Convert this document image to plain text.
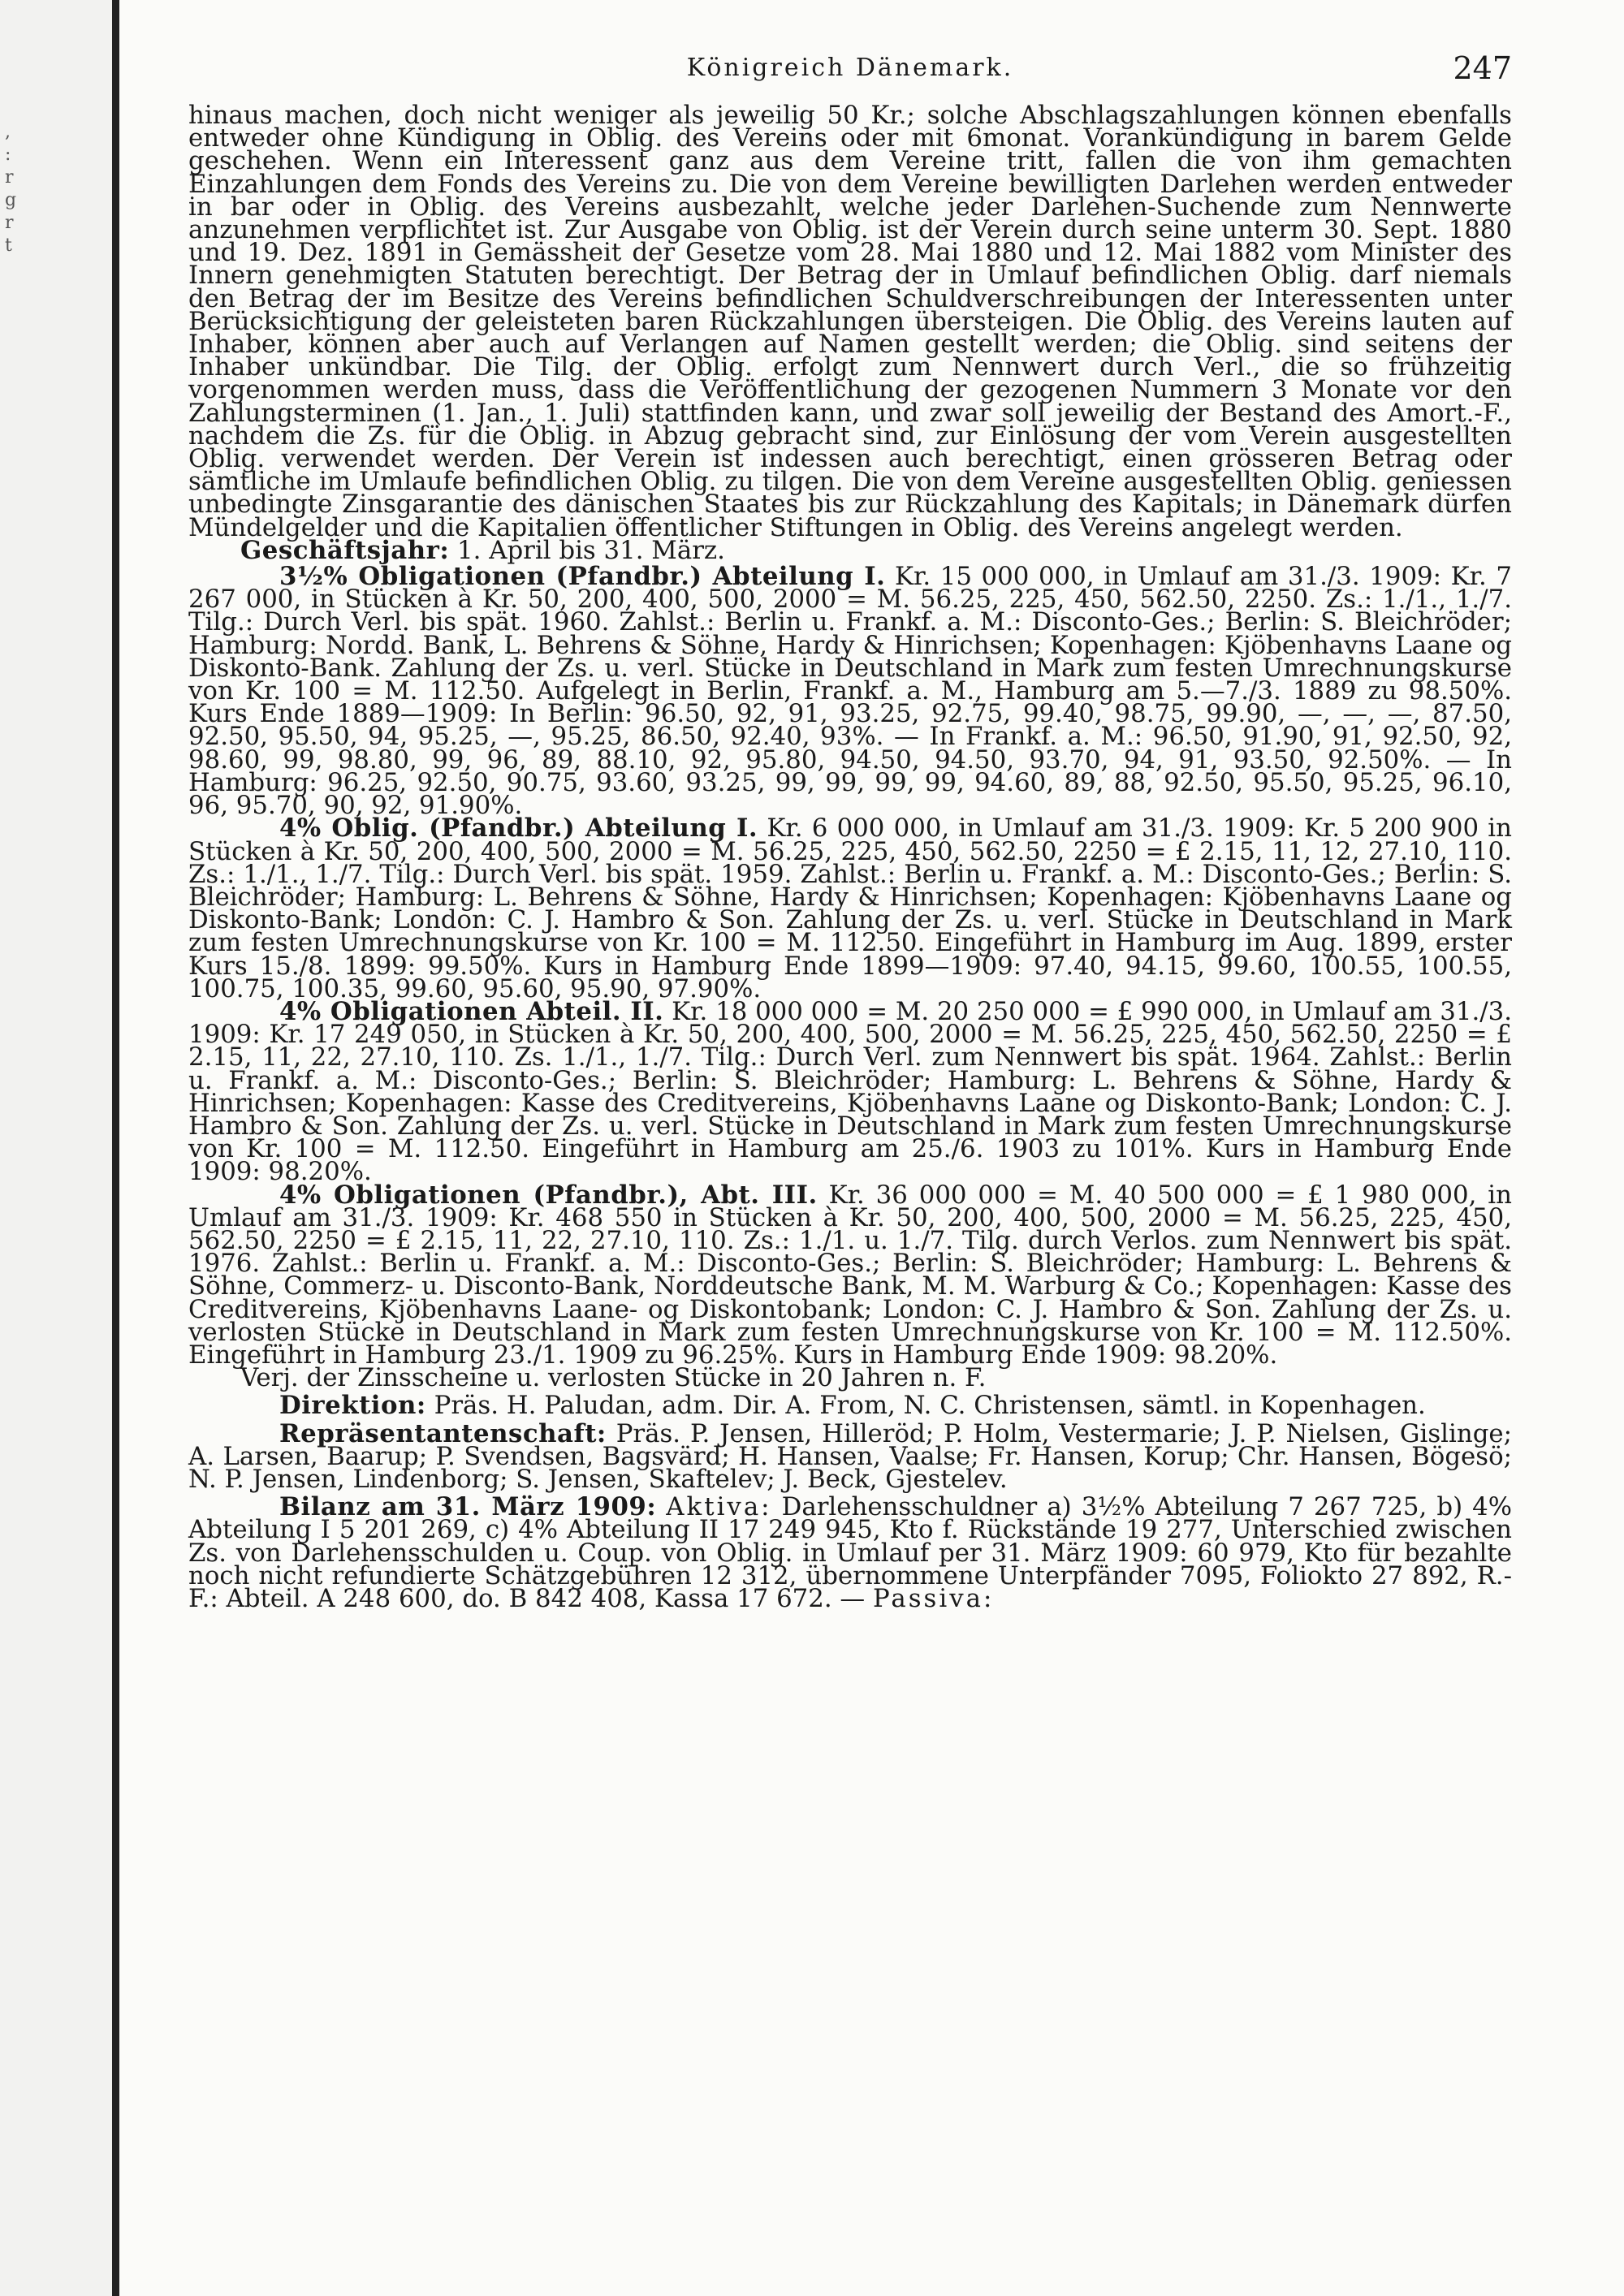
,
:
r
g
r
t
Königreich Dänemark.	247

hinaus machen, doch nicht weniger als jeweilig 50 Kr.; solche Abschlagszahlungen können ebenfalls entweder ohne Kündigung in Oblig. des Vereins oder mit 6monat. Vorankündigung in barem Gelde geschehen. Wenn ein Interessent ganz aus dem Vereine tritt, fallen die von ihm gemachten Einzahlungen dem Fonds des Vereins zu. Die von dem Vereine bewilligten Darlehen werden entweder in bar oder in Oblig. des Vereins ausbezahlt, welche jeder Darlehen-Suchende zum Nennwerte anzunehmen verpflichtet ist. Zur Ausgabe von Oblig. ist der Verein durch seine unterm 30. Sept. 1880 und 19. Dez. 1891 in Gemässheit der Gesetze vom 28. Mai 1880 und 12. Mai 1882 vom Minister des Innern genehmigten Statuten berechtigt. Der Betrag der in Umlauf befindlichen Oblig. darf niemals den Betrag der im Besitze des Vereins befindlichen Schuldverschreibungen der Interessenten unter Berücksichtigung der geleisteten baren Rückzahlungen übersteigen. Die Oblig. des Vereins lauten auf Inhaber, können aber auch auf Verlangen auf Namen gestellt werden; die Oblig. sind seitens der Inhaber unkündbar. Die Tilg. der Oblig. erfolgt zum Nennwert durch Verl., die so frühzeitig vorgenommen werden muss, dass die Veröffentlichung der gezogenen Nummern 3 Monate vor den Zahlungsterminen (1. Jan., 1. Juli) stattfinden kann, und zwar soll jeweilig der Bestand des Amort.-F., nachdem die Zs. für die Oblig. in Abzug gebracht sind, zur Einlösung der vom Verein ausgestellten Oblig. verwendet werden. Der Verein ist indessen auch berechtigt, einen grösseren Betrag oder sämtliche im Umlaufe befindlichen Oblig. zu tilgen. Die von dem Vereine ausgestellten Oblig. geniessen unbedingte Zinsgarantie des dänischen Staates bis zur Rückzahlung des Kapitals; in Dänemark dürfen Mündelgelder und die Kapitalien öffentlicher Stiftungen in Oblig. des Vereins angelegt werden.

Geschäftsjahr: 1. April bis 31. März.

3½% Obligationen (Pfandbr.) Abteilung I. Kr. 15 000 000, in Umlauf am 31./3. 1909: Kr. 7 267 000, in Stücken à Kr. 50, 200, 400, 500, 2000 = M. 56.25, 225, 450, 562.50, 2250. Zs.: 1./1., 1./7. Tilg.: Durch Verl. bis spät. 1960. Zahlst.: Berlin u. Frankf. a. M.: Disconto-Ges.; Berlin: S. Bleichröder; Hamburg: Nordd. Bank, L. Behrens & Söhne, Hardy & Hinrichsen; Kopenhagen: Kjöbenhavns Laane og Diskonto-Bank. Zahlung der Zs. u. verl. Stücke in Deutschland in Mark zum festen Umrechnungskurse von Kr. 100 = M. 112.50. Aufgelegt in Berlin, Frankf. a. M., Hamburg am 5.—7./3. 1889 zu 98.50%. Kurs Ende 1889—1909: In Berlin: 96.50, 92, 91, 93.25, 92.75, 99.40, 98.75, 99.90, —, —, —, 87.50, 92.50, 95.50, 94, 95.25, —, 95.25, 86.50, 92.40, 93%. — In Frankf. a. M.: 96.50, 91.90, 91, 92.50, 92, 98.60, 99, 98.80, 99, 96, 89, 88.10, 92, 95.80, 94.50, 94.50, 93.70, 94, 91, 93.50, 92.50%. — In Hamburg: 96.25, 92.50, 90.75, 93.60, 93.25, 99, 99, 99, 99, 94.60, 89, 88, 92.50, 95.50, 95.25, 96.10, 96, 95.70, 90, 92, 91.90%.

4% Oblig. (Pfandbr.) Abteilung I. Kr. 6 000 000, in Umlauf am 31./3. 1909: Kr. 5 200 900 in Stücken à Kr. 50, 200, 400, 500, 2000 = M. 56.25, 225, 450, 562.50, 2250 = £ 2.15, 11, 12, 27.10, 110. Zs.: 1./1., 1./7. Tilg.: Durch Verl. bis spät. 1959. Zahlst.: Berlin u. Frankf. a. M.: Disconto-Ges.; Berlin: S. Bleichröder; Hamburg: L. Behrens & Söhne, Hardy & Hinrichsen; Kopenhagen: Kjöbenhavns Laane og Diskonto-Bank; London: C. J. Hambro & Son. Zahlung der Zs. u. verl. Stücke in Deutschland in Mark zum festen Umrechnungskurse von Kr. 100 = M. 112.50. Eingeführt in Hamburg im Aug. 1899, erster Kurs 15./8. 1899: 99.50%. Kurs in Hamburg Ende 1899—1909: 97.40, 94.15, 99.60, 100.55, 100.55, 100.75, 100.35, 99.60, 95.60, 95.90, 97.90%.

4% Obligationen Abteil. II. Kr. 18 000 000 = M. 20 250 000 = £ 990 000, in Umlauf am 31./3. 1909: Kr. 17 249 050, in Stücken à Kr. 50, 200, 400, 500, 2000 = M. 56.25, 225, 450, 562.50, 2250 = £ 2.15, 11, 22, 27.10, 110. Zs. 1./1., 1./7. Tilg.: Durch Verl. zum Nennwert bis spät. 1964. Zahlst.: Berlin u. Frankf. a. M.: Disconto-Ges.; Berlin: S. Bleichröder; Hamburg: L. Behrens & Söhne, Hardy & Hinrichsen; Kopenhagen: Kasse des Creditvereins, Kjöbenhavns Laane og Diskonto-Bank; London: C. J. Hambro & Son. Zahlung der Zs. u. verl. Stücke in Deutschland in Mark zum festen Umrechnungskurse von Kr. 100 = M. 112.50. Eingeführt in Hamburg am 25./6. 1903 zu 101%. Kurs in Hamburg Ende 1909: 98.20%.

4% Obligationen (Pfandbr.), Abt. III. Kr. 36 000 000 = M. 40 500 000 = £ 1 980 000, in Umlauf am 31./3. 1909: Kr. 468 550 in Stücken à Kr. 50, 200, 400, 500, 2000 = M. 56.25, 225, 450, 562.50, 2250 = £ 2.15, 11, 22, 27.10, 110. Zs.: 1./1. u. 1./7. Tilg. durch Verlos. zum Nennwert bis spät. 1976. Zahlst.: Berlin u. Frankf. a. M.: Disconto-Ges.; Berlin: S. Bleichröder; Hamburg: L. Behrens & Söhne, Commerz- u. Disconto-Bank, Norddeutsche Bank, M. M. Warburg & Co.; Kopenhagen: Kasse des Creditvereins, Kjöbenhavns Laane- og Diskontobank; London: C. J. Hambro & Son. Zahlung der Zs. u. verlosten Stücke in Deutschland in Mark zum festen Umrechnungskurse von Kr. 100 = M. 112.50%. Eingeführt in Hamburg 23./1. 1909 zu 96.25%. Kurs in Hamburg Ende 1909: 98.20%.

Verj. der Zinsscheine u. verlosten Stücke in 20 Jahren n. F.

Direktion: Präs. H. Paludan, adm. Dir. A. From, N. C. Christensen, sämtl. in Kopenhagen.

Repräsentantenschaft: Präs. P. Jensen, Hilleröd; P. Holm, Vestermarie; J. P. Nielsen, Gislinge; A. Larsen, Baarup; P. Svendsen, Bagsvärd; H. Hansen, Vaalse; Fr. Hansen, Korup; Chr. Hansen, Bögesö; N. P. Jensen, Lindenborg; S. Jensen, Skaftelev; J. Beck, Gjestelev.

Bilanz am 31. März 1909: Aktiva: Darlehensschuldner a) 3½% Abteilung 7 267 725, b) 4% Abteilung I 5 201 269, c) 4% Abteilung II 17 249 945, Kto f. Rückstände 19 277, Unterschied zwischen Zs. von Darlehensschulden u. Coup. von Oblig. in Umlauf per 31. März 1909: 60 979, Kto für bezahlte noch nicht refundierte Schätzgebühren 12 312, übernommene Unterpfänder 7095, Foliokto 27 892, R.-F.: Abteil. A 248 600, do. B 842 408, Kassa 17 672. — Passiva:
